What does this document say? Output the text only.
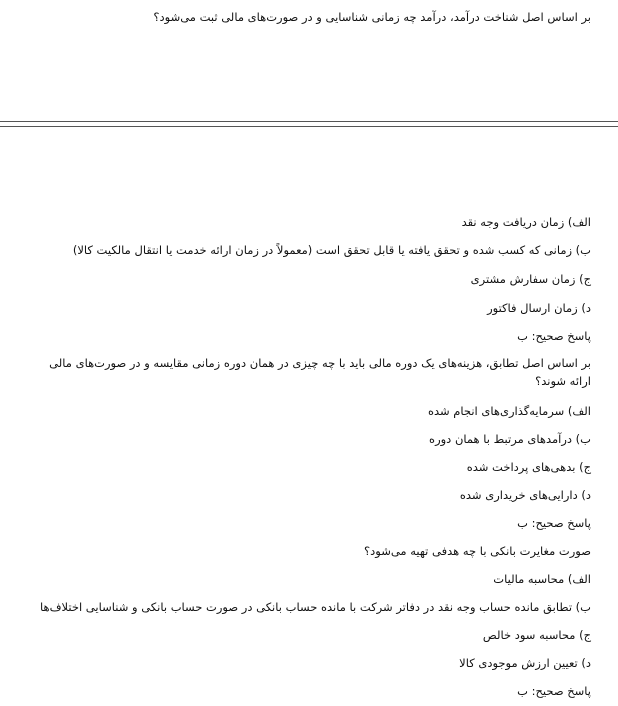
بر اساس اصل شناخت درآمد، درآمد چه زمانی شناسایی و در صورت‌های مالی ثبت می‌شود؟
الف) زمان دریافت وجه نقد
ب) زمانی که کسب شده و تحقق یافته یا قابل تحقق است (معمولاً در زمان ارائه خدمت یا انتقال مالکیت کالا)
ج) زمان سفارش مشتری
د) زمان ارسال فاکتور
پاسخ صحیح: ب
بر اساس اصل تطابق، هزینه‌های یک دوره مالی باید با چه چیزی در همان دوره زمانی مقایسه و در صورت‌های مالی ارائه شوند؟
الف) سرمایه‌گذاری‌های انجام شده
ب) درآمدهای مرتبط با همان دوره
ج) بدهی‌های پرداخت شده
د) دارایی‌های خریداری شده
پاسخ صحیح: ب
صورت مغایرت بانکی با چه هدفی تهیه می‌شود؟
الف) محاسبه مالیات
ب) تطابق مانده حساب وجه نقد در دفاتر شرکت با مانده حساب بانکی در صورت حساب بانکی و شناسایی اختلاف‌ها
ج) محاسبه سود خالص
د) تعیین ارزش موجودی کالا
پاسخ صحیح: ب
